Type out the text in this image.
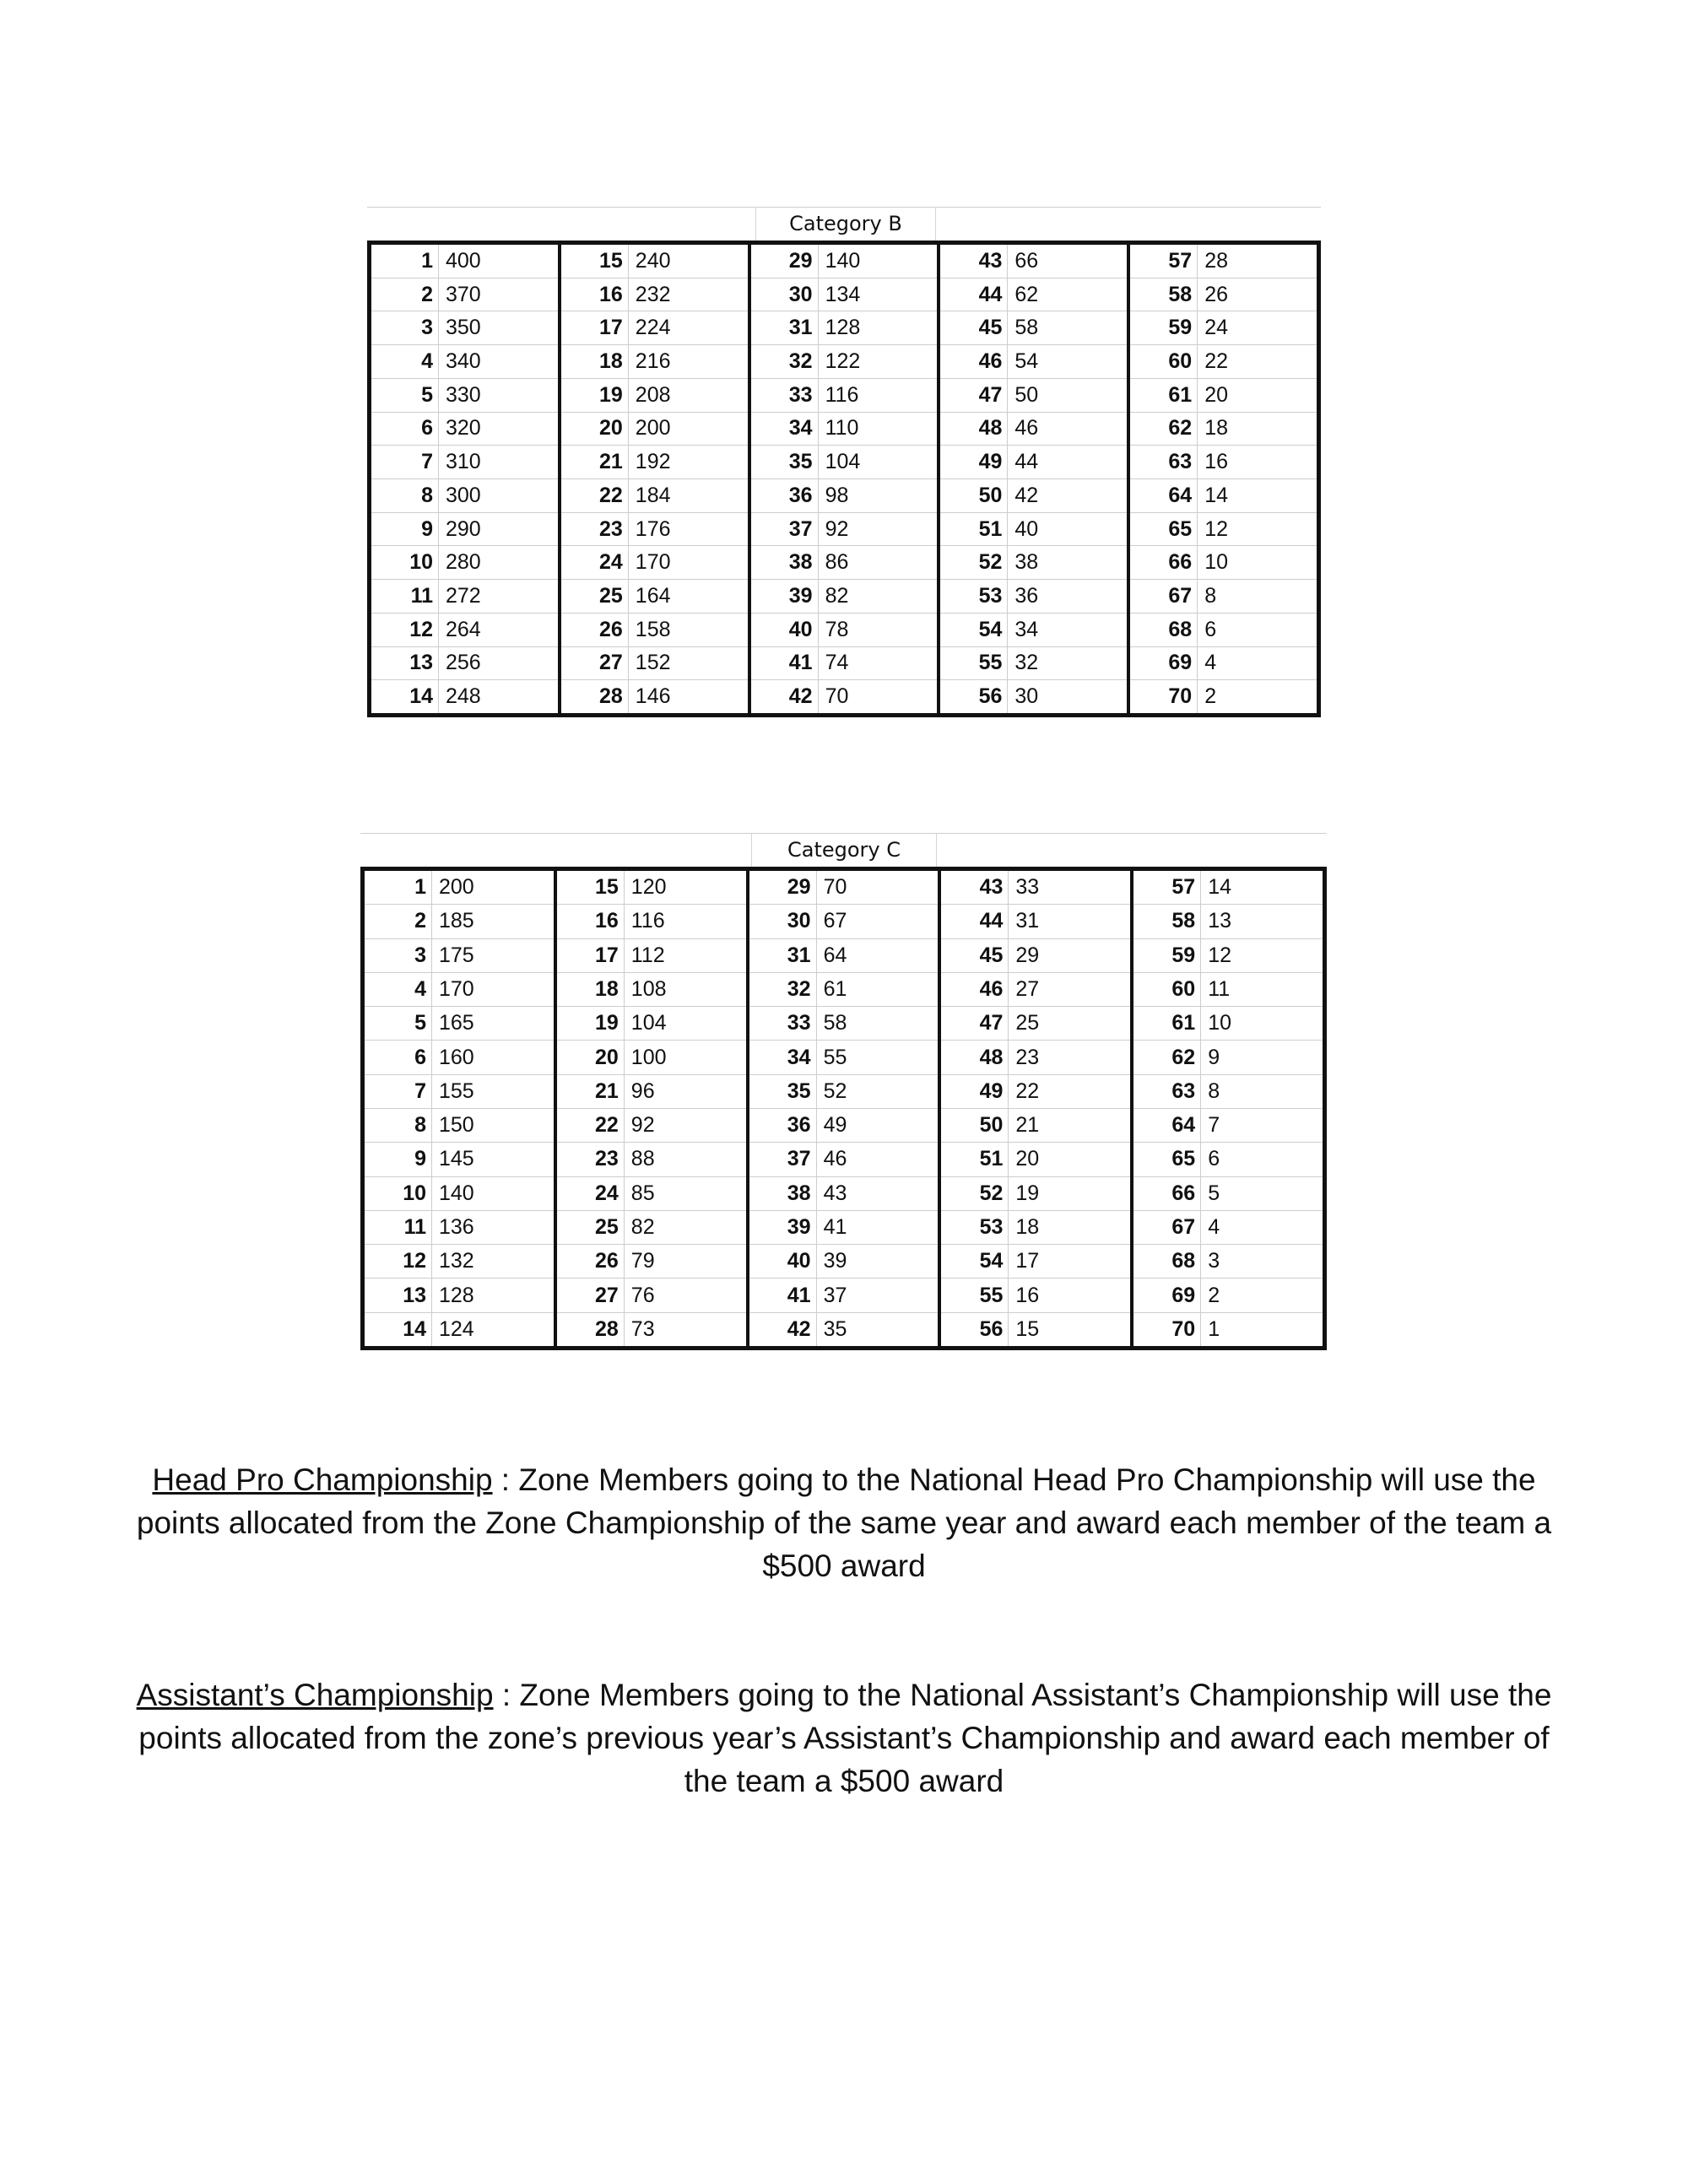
Category B
1 400
2 370
3 350
4 340
5 330
6 320
7 310
8 300
9 290
10 280
11 272
12 264
13 256
14 248
15 240
16 232
17 224
18 216
19 208
20 200
21 192
22 184
23 176
24 170
25 164
26 158
27 152
28 146
29 140
30 134
31 128
32 122
33 116
34 110
35 104
36 98
37 92
38 86
39 82
40 78
41 74
42 70
43 66
44 62
45 58
46 54
47 50
48 46
49 44
50 42
51 40
52 38
53 36
54 34
55 32
56 30
57 28
58 26
59 24
60 22
61 20
62 18
63 16
64 14
65 12
66 10
67 8
68 6
69 4
70 2
Category C
1 200
2 185
3 175
4 170
5 165
6 160
7 155
8 150
9 145
10 140
11 136
12 132
13 128
14 124
15 120
16 116
17 112
18 108
19 104
20 100
21 96
22 92
23 88
24 85
25 82
26 79
27 76
28 73
29 70
30 67
31 64
32 61
33 58
34 55
35 52
36 49
37 46
38 43
39 41
40 39
41 37
42 35
43 33
44 31
45 29
46 27
47 25
48 23
49 22
50 21
51 20
52 19
53 18
54 17
55 16
56 15
57 14
58 13
59 12
60 11
61 10
62 9
63 8
64 7
65 6
66 5
67 4
68 3
69 2
70 1
Head Pro Championship : Zone Members going to the National Head Pro Championship will use the points allocated from the Zone Championship of the same year and award each member of the team a $500 award
Assistant’s Championship : Zone Members going to the National Assistant’s Championship will use the points allocated from the zone’s previous year’s Assistant’s Championship and award each member of the team a $500 award
